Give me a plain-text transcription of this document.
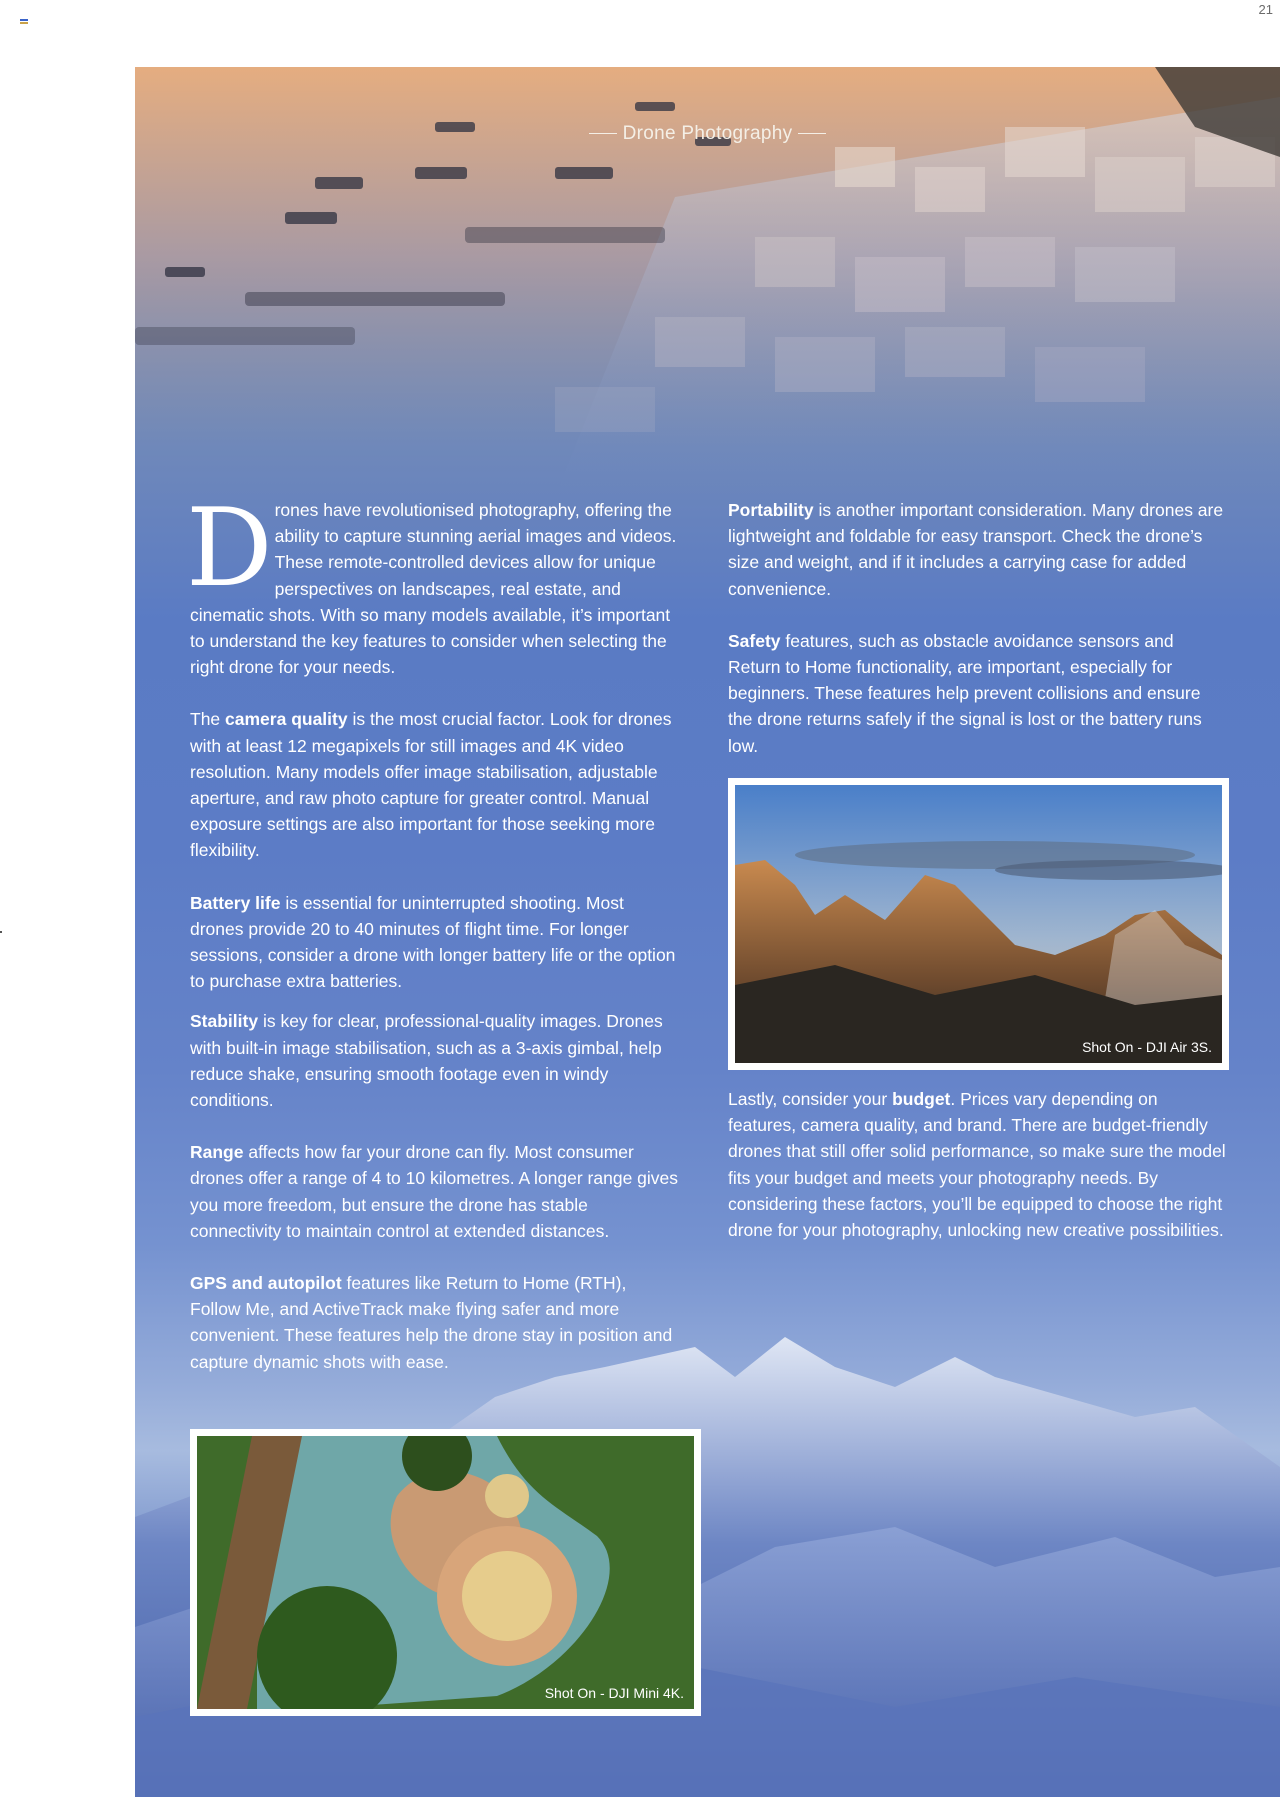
21
Drone Photography

D rones have revolutionised photography, offering the ability to capture stunning aerial images and videos. These remote-controlled devices allow for unique perspectives on landscapes, real estate, and cinematic shots. With so many models available, it’s important to understand the key features to consider when selecting the right drone for your needs.

The camera quality is the most crucial factor. Look for drones with at least 12 megapixels for still images and 4K video resolution. Many models offer image stabilisation, adjustable aperture, and raw photo capture for greater control. Manual exposure settings are also important for those seeking more flexibility.

Battery life is essential for uninterrupted shooting. Most drones provide 20 to 40 minutes of flight time. For longer sessions, consider a drone with longer battery life or the option to purchase extra batteries.

Stability is key for clear, professional-quality images. Drones with built-in image stabilisation, such as a 3-axis gimbal, help reduce shake, ensuring smooth footage even in windy conditions.

Range affects how far your drone can fly. Most consumer drones offer a range of 4 to 10 kilometres. A longer range gives you more freedom, but ensure the drone has stable connectivity to maintain control at extended distances.

GPS and autopilot features like Return to Home (RTH), Follow Me, and ActiveTrack make flying safer and more convenient. These features help the drone stay in position and capture dynamic shots with ease.

Portability is another important consideration. Many drones are lightweight and foldable for easy transport. Check the drone’s size and weight, and if it includes a carrying case for added convenience.

Safety features, such as obstacle avoidance sensors and Return to Home functionality, are important, especially for beginners. These features help prevent collisions and ensure the drone returns safely if the signal is lost or the battery runs low.

Lastly, consider your budget. Prices vary depending on features, camera quality, and brand. There are budget-friendly drones that still offer solid performance, so make sure the model fits your budget and meets your photography needs. By considering these factors, you’ll be equipped to choose the right drone for your photography, unlocking new creative possibilities.

Shot On - DJI Air 3S.
Shot On - DJI Mini 4K.
